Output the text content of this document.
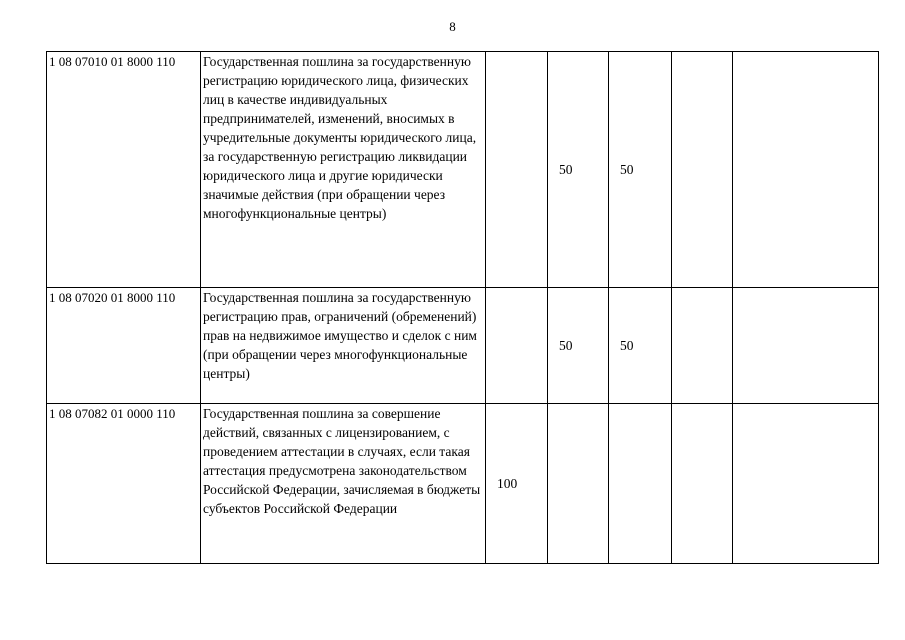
8
1 08 07010 01 8000 110	Государственная пошлина за государственную регистрацию юридического лица, физических лиц в качестве индивидуальных предпринимателей, изменений, вносимых в учредительные документы юридического лица, за государственную регистрацию ликвидации юридического лица и другие юридически значимые действия (при обращении через многофункциональные центры)		50	50		
1 08 07020 01 8000 110	Государственная пошлина за государственную регистрацию прав, ограничений (обременений) прав на недвижимое имущество и сделок с ним (при обращении через многофункциональные центры)		50	50		
1 08 07082 01 0000 110	Государственная пошлина за совершение действий, связанных с лицензированием, с проведением аттестации в случаях, если такая аттестация предусмотрена законодательством Российской Федерации, зачисляемая в бюджеты субъектов Российской Федерации	100				
